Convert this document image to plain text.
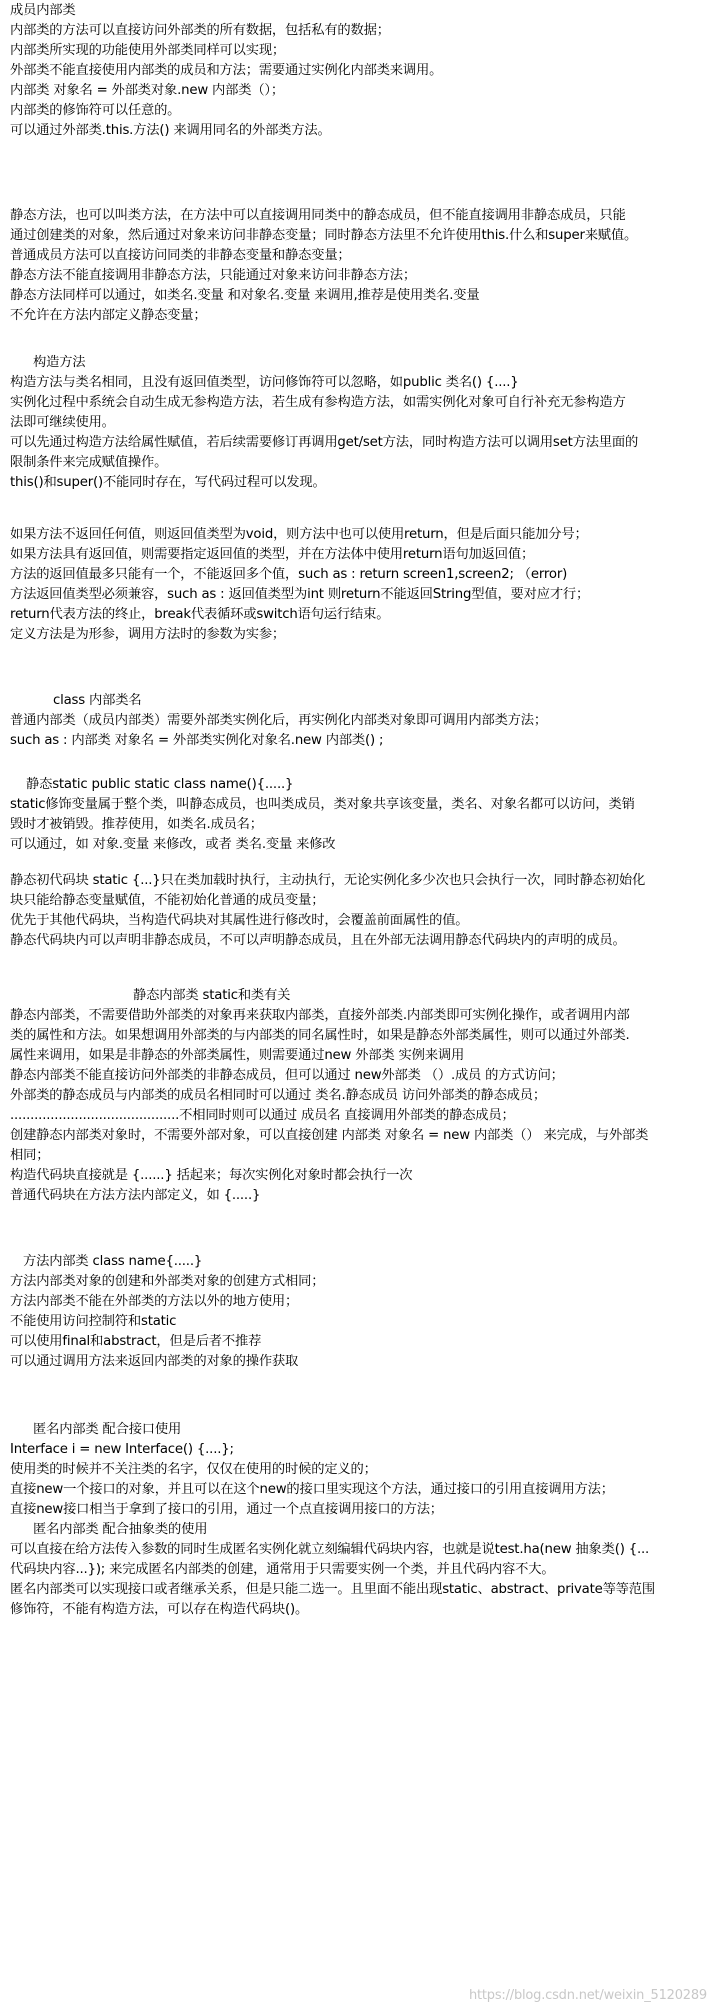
成员内部类
内部类的方法可以直接访问外部类的所有数据，包括私有的数据；
内部类所实现的功能使用外部类同样可以实现；
外部类不能直接使用内部类的成员和方法；需要通过实例化内部类来调用。
内部类 对象名 = 外部类对象.new 内部类（）；
内部类的修饰符可以任意的。
可以通过外部类.this.方法() 来调用同名的外部类方法。
静态方法，也可以叫类方法，在方法中可以直接调用同类中的静态成员，但不能直接调用非静态成员，只能
通过创建类的对象，然后通过对象来访问非静态变量；同时静态方法里不允许使用this.什么和super来赋值。
普通成员方法可以直接访问同类的非静态变量和静态变量；
静态方法不能直接调用非静态方法，只能通过对象来访问非静态方法；
静态方法同样可以通过，如类名.变量 和对象名.变量 来调用,推荐是使用类名.变量
不允许在方法内部定义静态变量；
构造方法
构造方法与类名相同，且没有返回值类型，访问修饰符可以忽略，如public 类名() {....}
实例化过程中系统会自动生成无参构造方法，若生成有参构造方法，如需实例化对象可自行补充无参构造方
法即可继续使用。
可以先通过构造方法给属性赋值，若后续需要修订再调用get/set方法，同时构造方法可以调用set方法里面的
限制条件来完成赋值操作。
this()和super()不能同时存在，写代码过程可以发现。
如果方法不返回任何值，则返回值类型为void，则方法中也可以使用return，但是后面只能加分号；
如果方法具有返回值，则需要指定返回值的类型，并在方法体中使用return语句加返回值；
方法的返回值最多只能有一个，不能返回多个值，such as : return screen1,screen2; （error)
方法返回值类型必须兼容，such as : 返回值类型为int 则return不能返回String型值，要对应才行；
return代表方法的终止，break代表循环或switch语句运行结束。
定义方法是为形参，调用方法时的参数为实参；
class 内部类名
普通内部类（成员内部类）需要外部类实例化后，再实例化内部类对象即可调用内部类方法；
such as : 内部类 对象名 = 外部类实例化对象名.new 内部类() ;
静态static public static class name(){.....}
static修饰变量属于整个类，叫静态成员，也叫类成员，类对象共享该变量，类名、对象名都可以访问，类销
毁时才被销毁。推荐使用，如类名.成员名；
可以通过，如 对象.变量 来修改，或者 类名.变量 来修改
静态初代码块 static {...}只在类加载时执行，主动执行，无论实例化多少次也只会执行一次，同时静态初始化
块只能给静态变量赋值，不能初始化普通的成员变量；
优先于其他代码块，当构造代码块对其属性进行修改时，会覆盖前面属性的值。
静态代码块内可以声明非静态成员，不可以声明静态成员，且在外部无法调用静态代码块内的声明的成员。
静态内部类 static和类有关
静态内部类，不需要借助外部类的对象再来获取内部类，直接外部类.内部类即可实例化操作，或者调用内部
类的属性和方法。如果想调用外部类的与内部类的同名属性时，如果是静态外部类属性，则可以通过外部类.
属性来调用，如果是非静态的外部类属性，则需要通过new 外部类 实例来调用
静态内部类不能直接访问外部类的非静态成员，但可以通过 new外部类 （）.成员 的方式访问；
外部类的静态成员与内部类的成员名相同时可以通过 类名.静态成员 访问外部类的静态成员；
..........................................不相同时则可以通过 成员名 直接调用外部类的静态成员；
创建静态内部类对象时，不需要外部对象，可以直接创建 内部类 对象名 = new 内部类（） 来完成，与外部类
相同；
构造代码块直接就是 {......} 括起来；每次实例化对象时都会执行一次
普通代码块在方法方法内部定义，如 {.....}
方法内部类 class name{.....}
方法内部类对象的创建和外部类对象的创建方式相同；
方法内部类不能在外部类的方法以外的地方使用；
不能使用访问控制符和static
可以使用final和abstract，但是后者不推荐
可以通过调用方法来返回内部类的对象的操作获取
匿名内部类 配合接口使用
Interface i = new Interface() {....};
使用类的时候并不关注类的名字，仅仅在使用的时候的定义的；
直接new一个接口的对象，并且可以在这个new的接口里实现这个方法，通过接口的引用直接调用方法；
直接new接口相当于拿到了接口的引用，通过一个点直接调用接口的方法；
匿名内部类 配合抽象类的使用
可以直接在给方法传入参数的同时生成匿名实例化就立刻编辑代码块内容，也就是说test.ha(new 抽象类() {...
代码块内容...}); 来完成匿名内部类的创建，通常用于只需要实例一个类，并且代码内容不大。
匿名内部类可以实现接口或者继承关系，但是只能二选一。且里面不能出现static、abstract、private等等范围
修饰符，不能有构造方法，可以存在构造代码块()。
https://blog.csdn.net/weixin_5120289
